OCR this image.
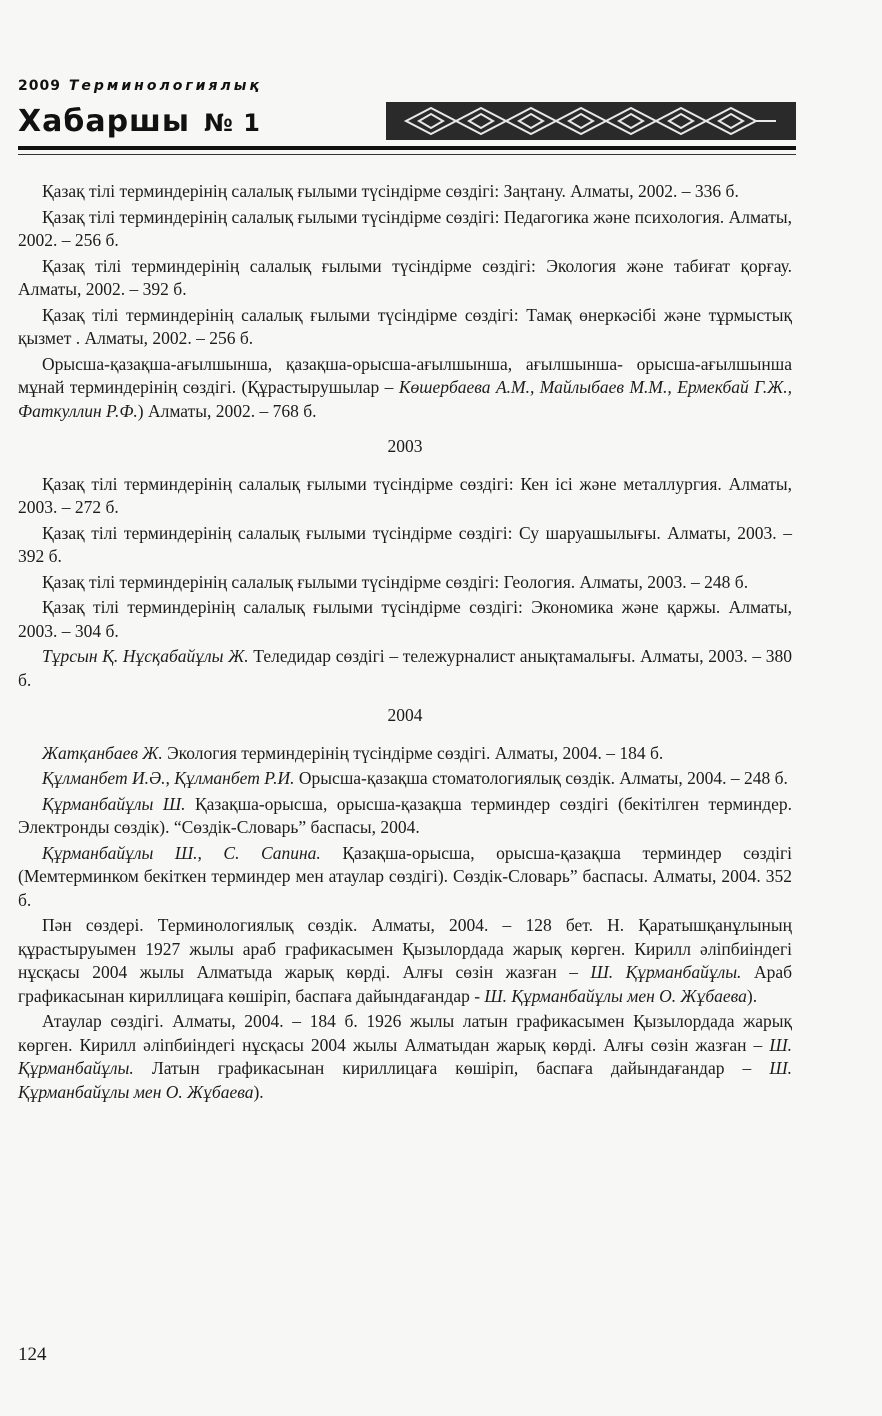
2009 Терминологиялық
Хабаршы № 1

Қазақ тілі терминдерінің салалық ғылыми түсіндірме сөздігі: Заңтану. Алматы, 2002. – 336 б.

Қазақ тілі терминдерінің салалық ғылыми түсіндірме сөздігі: Педагогика және психология. Алматы, 2002. – 256 б.

Қазақ тілі терминдерінің салалық ғылыми түсіндірме сөздігі: Экология және табиғат қорғау. Алматы, 2002. – 392 б.

Қазақ тілі терминдерінің салалық ғылыми түсіндірме сөздігі: Тамақ өнеркәсібі және тұрмыстық қызмет . Алматы, 2002. – 256 б.

Орысша-қазақша-ағылшынша, қазақша-орысша-ағылшынша, ағылшынша- орысша-ағылшынша мұнай терминдерінің сөздігі. (Құрастырушылар – Көшербаева А.М., Майлыбаев М.М., Ермекбай Г.Ж., Фаткуллин Р.Ф.) Алматы, 2002. – 768 б.

2003

Қазақ тілі терминдерінің салалық ғылыми түсіндірме сөздігі: Кен ісі және металлургия. Алматы, 2003. – 272 б.

Қазақ тілі терминдерінің салалық ғылыми түсіндірме сөздігі: Су шаруашылығы. Алматы, 2003. – 392 б.

Қазақ тілі терминдерінің салалық ғылыми түсіндірме сөздігі: Геология. Алматы, 2003. – 248 б.

Қазақ тілі терминдерінің салалық ғылыми түсіндірме сөздігі: Экономика және қаржы. Алматы, 2003. – 304 б.

Тұрсын Қ. Нұсқабайұлы Ж. Теледидар сөздігі – тележурналист анықтамалығы. Алматы, 2003. – 380 б.

2004

Жатқанбаев Ж. Экология терминдерінің түсіндірме сөздігі. Алматы, 2004. – 184 б.

Құлманбет И.Ә., Құлманбет Р.И. Орысша-қазақша стоматологиялық сөздік. Алматы, 2004. – 248 б.

Құрманбайұлы Ш. Қазақша-орысша, орысша-қазақша терминдер сөздігі (бекітілген терминдер. Электронды сөздік). “Сөздік-Словарь” баспасы, 2004.

Құрманбайұлы Ш., С. Сапина. Қазақша-орысша, орысша-қазақша терминдер сөздігі (Мемтерминком бекіткен терминдер мен атаулар сөздігі). Сөздік-Словарь” баспасы. Алматы, 2004. 352 б.

Пән сөздері. Терминологиялық сөздік. Алматы, 2004. – 128 бет. Н. Қаратышқанұлының құрастыруымен 1927 жылы араб графикасымен Қызылордада жарық көрген. Кирилл әліпбиіндегі нұсқасы 2004 жылы Алматыда жарық көрді. Алғы сөзін жазған – Ш. Құрманбайұлы. Араб графикасынан кириллицаға көшіріп, баспаға дайындағандар - Ш. Құрманбайұлы мен О. Жұбаева).

Атаулар сөздігі. Алматы, 2004. – 184 б. 1926 жылы латын графикасымен Қызылордада жарық көрген. Кирилл әліпбиіндегі нұсқасы 2004 жылы Алматыдан жарық көрді. Алғы сөзін жазған – Ш. Құрманбайұлы. Латын графикасынан кириллицаға көшіріп, баспаға дайындағандар – Ш. Құрманбайұлы мен О. Жұбаева).

124
